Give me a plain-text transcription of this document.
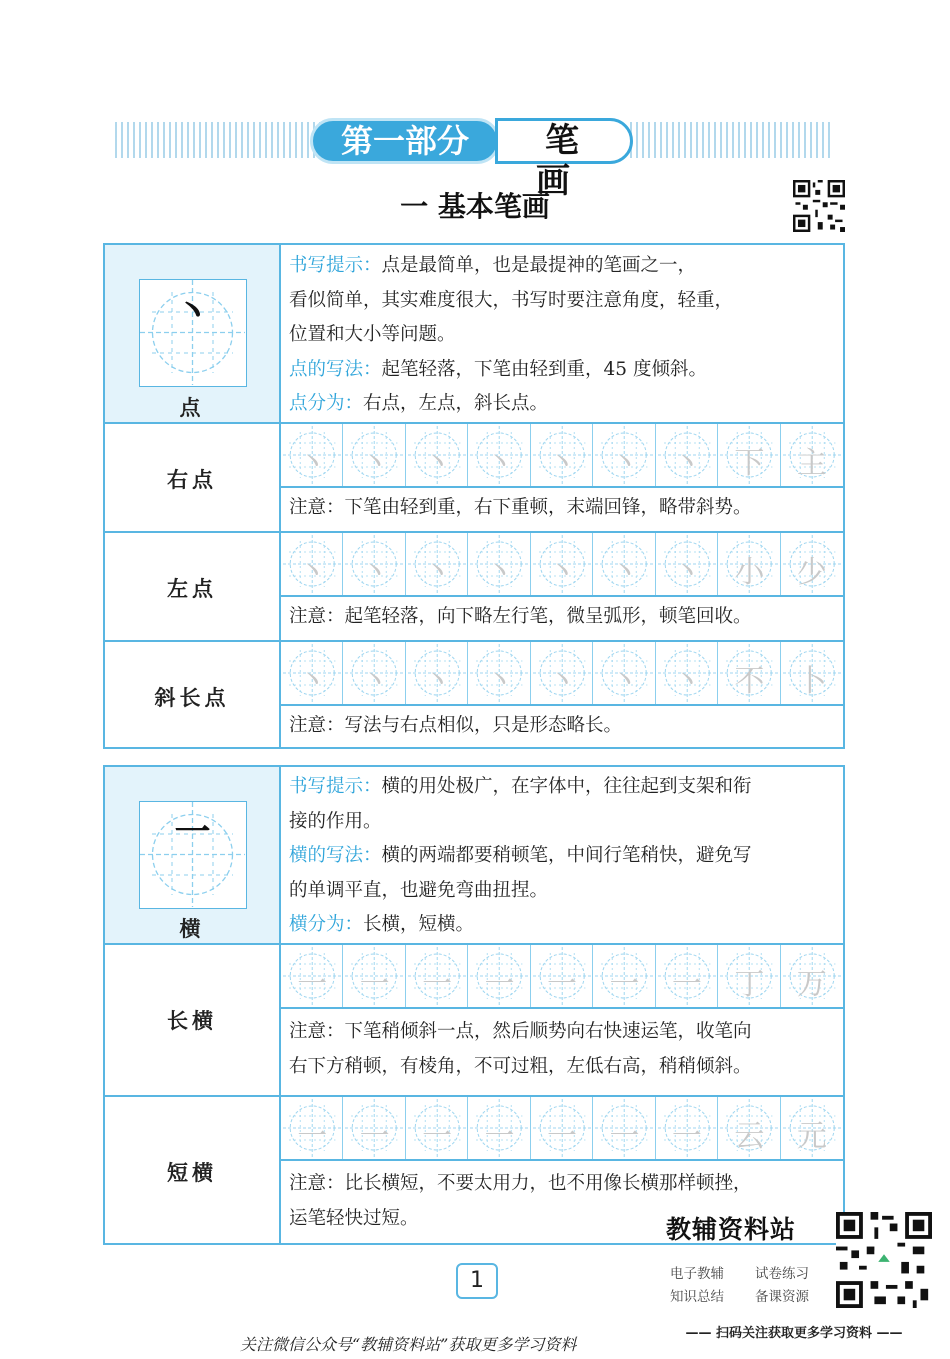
第一部分	笔 画
一 基本笔画
丶
点
书写提示：点是最简单，也是最提神的笔画之一，
看似简单，其实难度很大，书写时要注意角度，轻重，
位置和大小等问题。
点的写法：起笔轻落，下笔由轻到重，45 度倾斜。
点分为：右点，左点，斜长点。
右点	丶	丶	丶	丶	丶	丶	丶	下	主
注意：下笔由轻到重，右下重顿，末端回锋，略带斜势。
左点	丶	丶	丶	丶	丶	丶	丶	小	少
注意：起笔轻落，向下略左行笔，微呈弧形，顿笔回收。
斜长点	丶	丶	丶	丶	丶	丶	丶	不	卜
注意：写法与右点相似，只是形态略长。
一
横
书写提示：横的用处极广，在字体中，往往起到支架和衔
接的作用。
横的写法：横的两端都要稍顿笔，中间行笔稍快，避免写
的单调平直，也避免弯曲扭捏。
横分为：长横，短横。
长横
一	一	一	一	一	一	一	丁	万
注意：下笔稍倾斜一点，然后顺势向右快速运笔，收笔向
右下方稍顿，有棱角，不可过粗，左低右高，稍稍倾斜。
短横
一	一	一	一	一	一	一	云	元
注意：比长横短，不要太用力，也不用像长横那样顿挫，
运笔轻快过短。
1
教辅资料站
电子教辅 试卷练习
知识总结 备课资源
—— 扫码关注获取更多学习资料 ——
关注微信公众号“教辅资料站”获取更多学习资料
